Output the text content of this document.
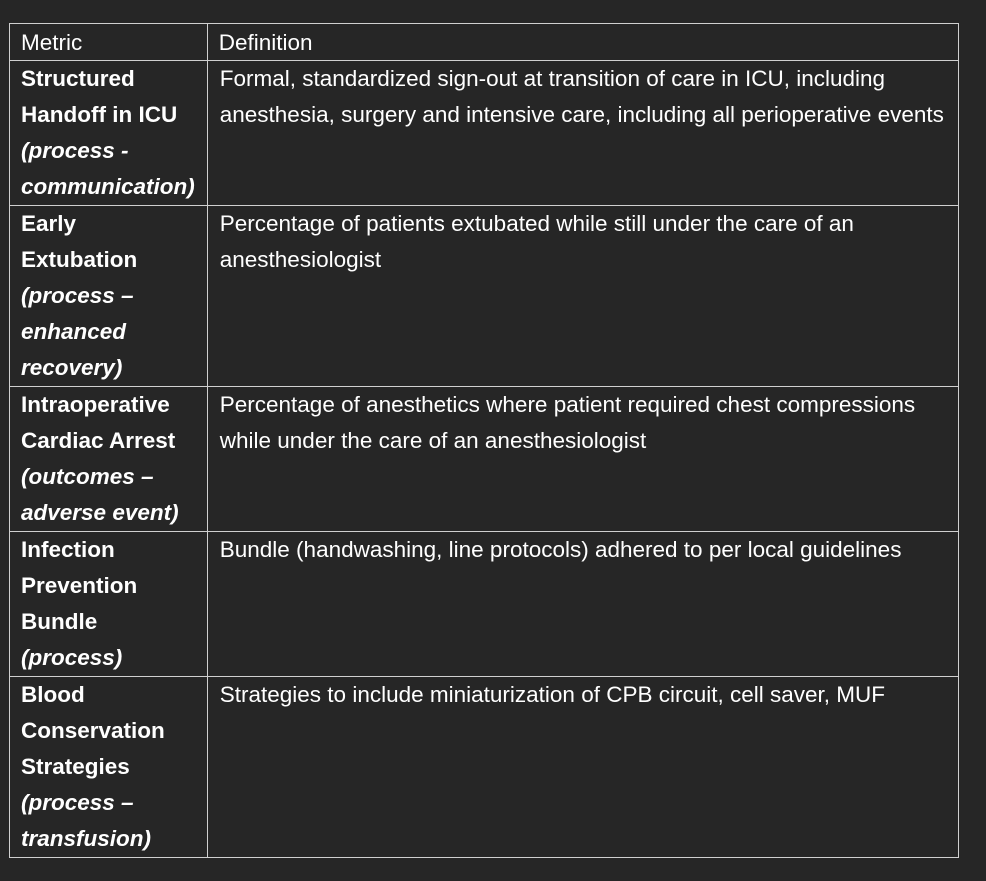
Metric	Definition

Structured Handoff in ICU
(process - communication)	Formal, standardized sign-out at transition of care in ICU, including anesthesia, surgery and intensive care, including all perioperative events

Early Extubation
(process – enhanced recovery)	Percentage of patients extubated while still under the care of an anesthesiologist

Intraoperative Cardiac Arrest
(outcomes – adverse event)	Percentage of anesthetics where patient required chest compressions while under the care of an anesthesiologist

Infection Prevention Bundle
(process)	Bundle (handwashing, line protocols) adhered to per local guidelines

Blood Conservation Strategies
(process – transfusion)	Strategies to include miniaturization of CPB circuit, cell saver, MUF
